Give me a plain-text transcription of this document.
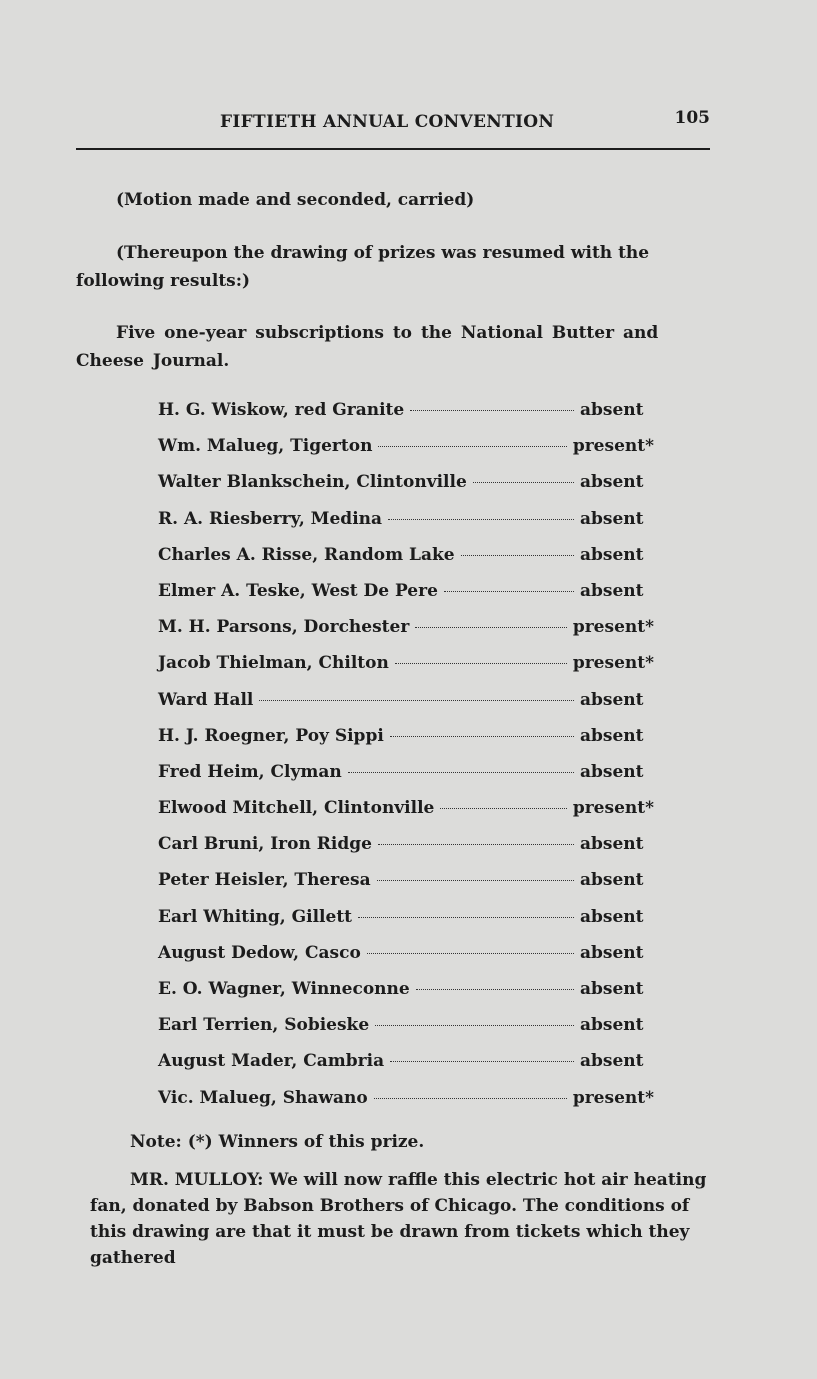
FIFTIETH ANNUAL CONVENTION	105

(Motion made and seconded, carried)

(Thereupon the drawing of prizes was resumed with the following results:)

Five one-year subscriptions to the National Butter and Cheese Journal.

H. G. Wiskow, red Granite	absent
Wm. Malueg, Tigerton	present*
Walter Blankschein, Clintonville	absent
R. A. Riesberry, Medina	absent
Charles A. Risse, Random Lake	absent
Elmer A. Teske, West De Pere	absent
M. H. Parsons, Dorchester	present*
Jacob Thielman, Chilton	present*
Ward Hall	absent
H. J. Roegner, Poy Sippi	absent
Fred Heim, Clyman	absent
Elwood Mitchell, Clintonville	present*
Carl Bruni, Iron Ridge	absent
Peter Heisler, Theresa	absent
Earl Whiting, Gillett	absent
August Dedow, Casco	absent
E. O. Wagner, Winneconne	absent
Earl Terrien, Sobieske	absent
August Mader, Cambria	absent
Vic. Malueg, Shawano	present*

Note: (*) Winners of this prize.

MR. MULLOY: We will now raffle this electric hot air heating fan, donated by Babson Brothers of Chicago. The conditions of this drawing are that it must be drawn from tickets which they gathered
